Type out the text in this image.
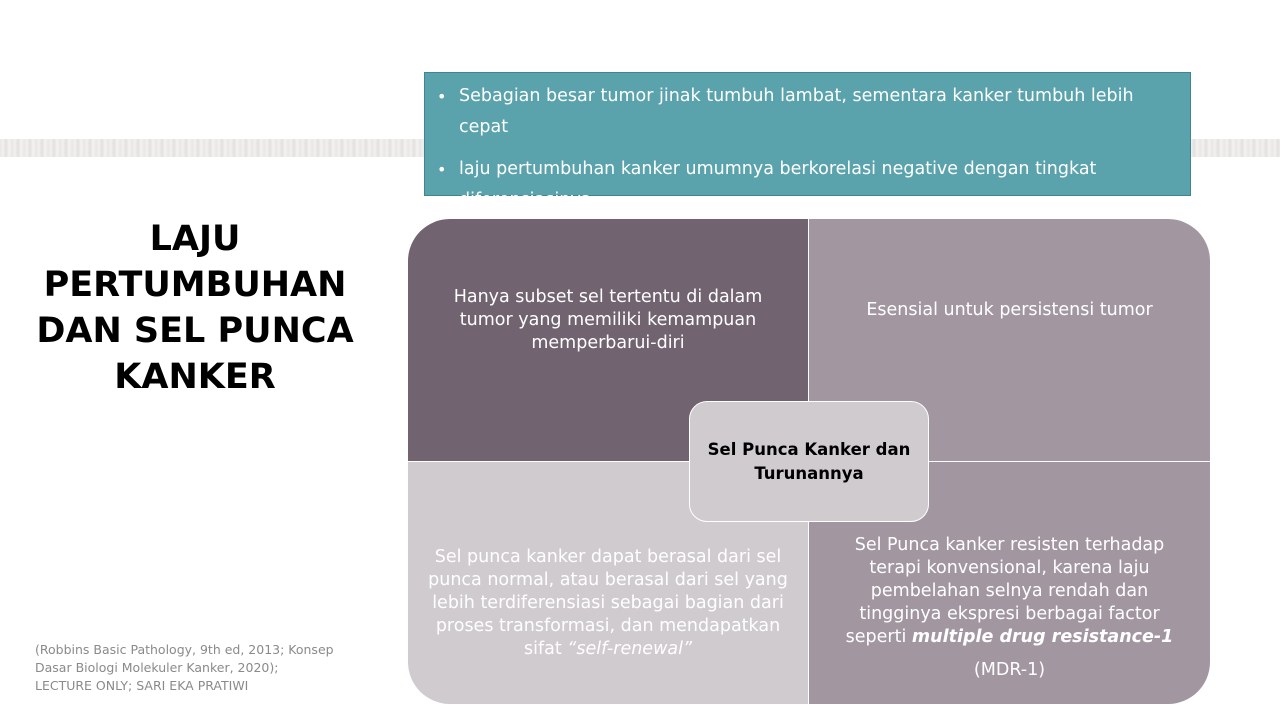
• Sebagian besar tumor jinak tumbuh lambat, sementara kanker tumbuh lebih cepat
• laju pertumbuhan kanker umumnya berkorelasi negative dengan tingkat diferensiasinya
LAJU PERTUMBUHAN DAN SEL PUNCA KANKER
Hanya subset sel tertentu di dalam tumor yang memiliki kemampuan memperbarui-diri
Esensial untuk persistensi tumor
Sel punca kanker dapat berasal dari sel punca normal, atau berasal dari sel yang lebih terdiferensiasi sebagai bagian dari proses transformasi, dan mendapatkan sifat “self-renewal”
Sel Punca kanker resisten terhadap terapi konvensional, karena laju pembelahan selnya rendah dan tingginya ekspresi berbagai factor seperti multiple drug resistance-1
(MDR-1)
Sel Punca Kanker dan Turunannya
(Robbins Basic Pathology, 9th ed, 2013; Konsep Dasar Biologi Molekuler Kanker, 2020); LECTURE ONLY; SARI EKA PRATIWI
